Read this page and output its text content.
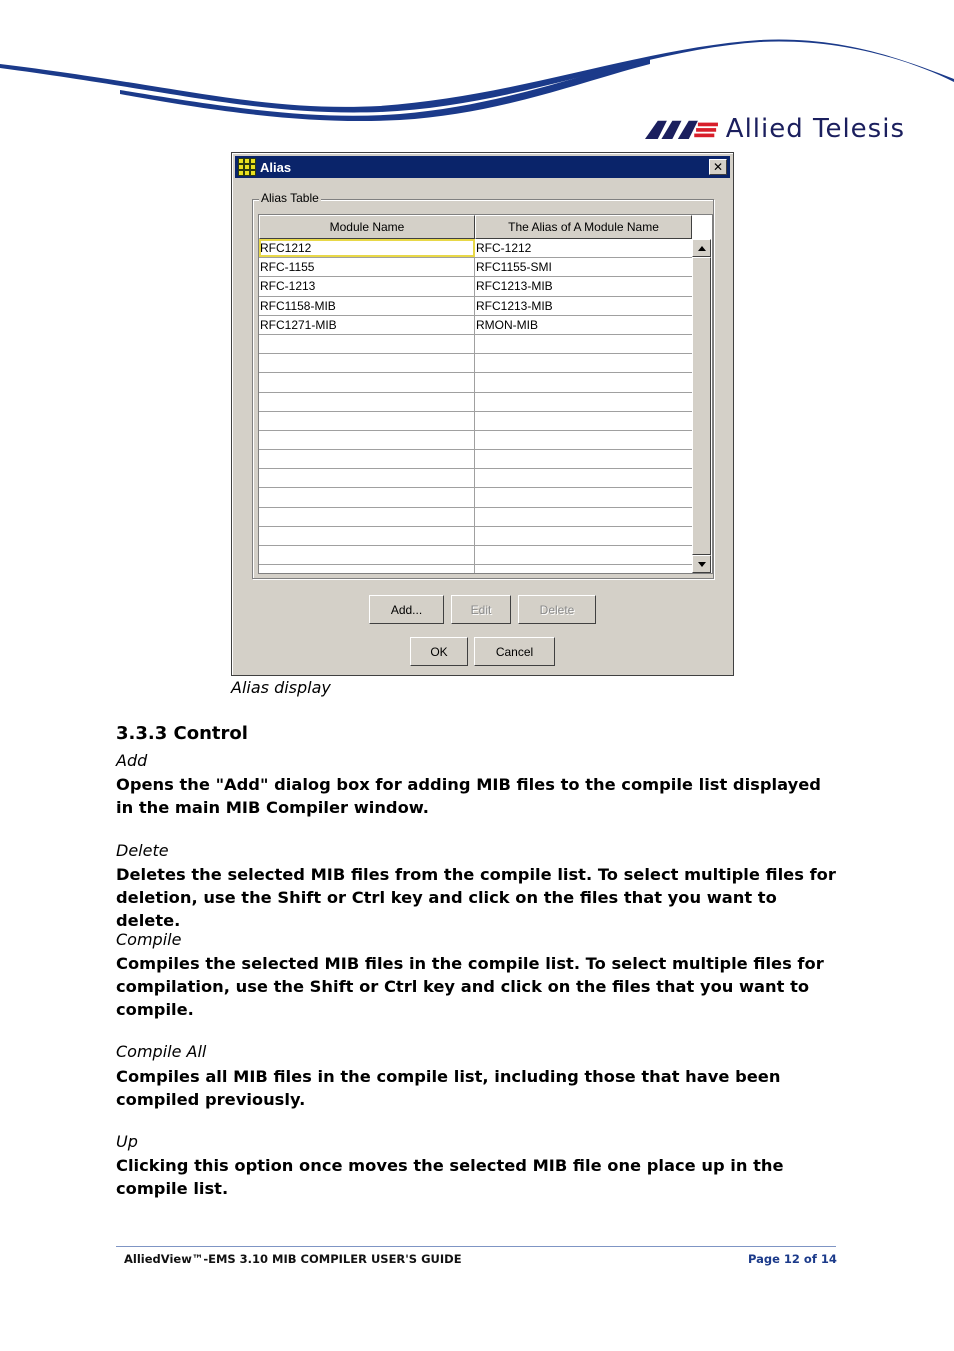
Allied Telesis
Alias	✕
Alias Table
Module Name	The Alias of A Module Name
RFC1212	RFC-1212
RFC-1155	RFC1155-SMI
RFC-1213	RFC1213-MIB
RFC1158-MIB	RFC1213-MIB
RFC1271-MIB	RMON-MIB
Add...	Edit	Delete
OK	Cancel
Alias display
3.3.3 Control
Add
Opens the "Add" dialog box for adding MIB files to the compile list displayed in the main MIB Compiler window.
Delete
Deletes the selected MIB files from the compile list. To select multiple files for deletion, use the Shift or Ctrl key and click on the files that you want to delete.
Compile
Compiles the selected MIB files in the compile list. To select multiple files for compilation, use the Shift or Ctrl key and click on the files that you want to compile.
Compile All
Compiles all MIB files in the compile list, including those that have been compiled previously.
Up
Clicking this option once moves the selected MIB file one place up in the compile list.
AlliedView™-EMS 3.10 MIB COMPILER USER'S GUIDE	Page 12 of 14
